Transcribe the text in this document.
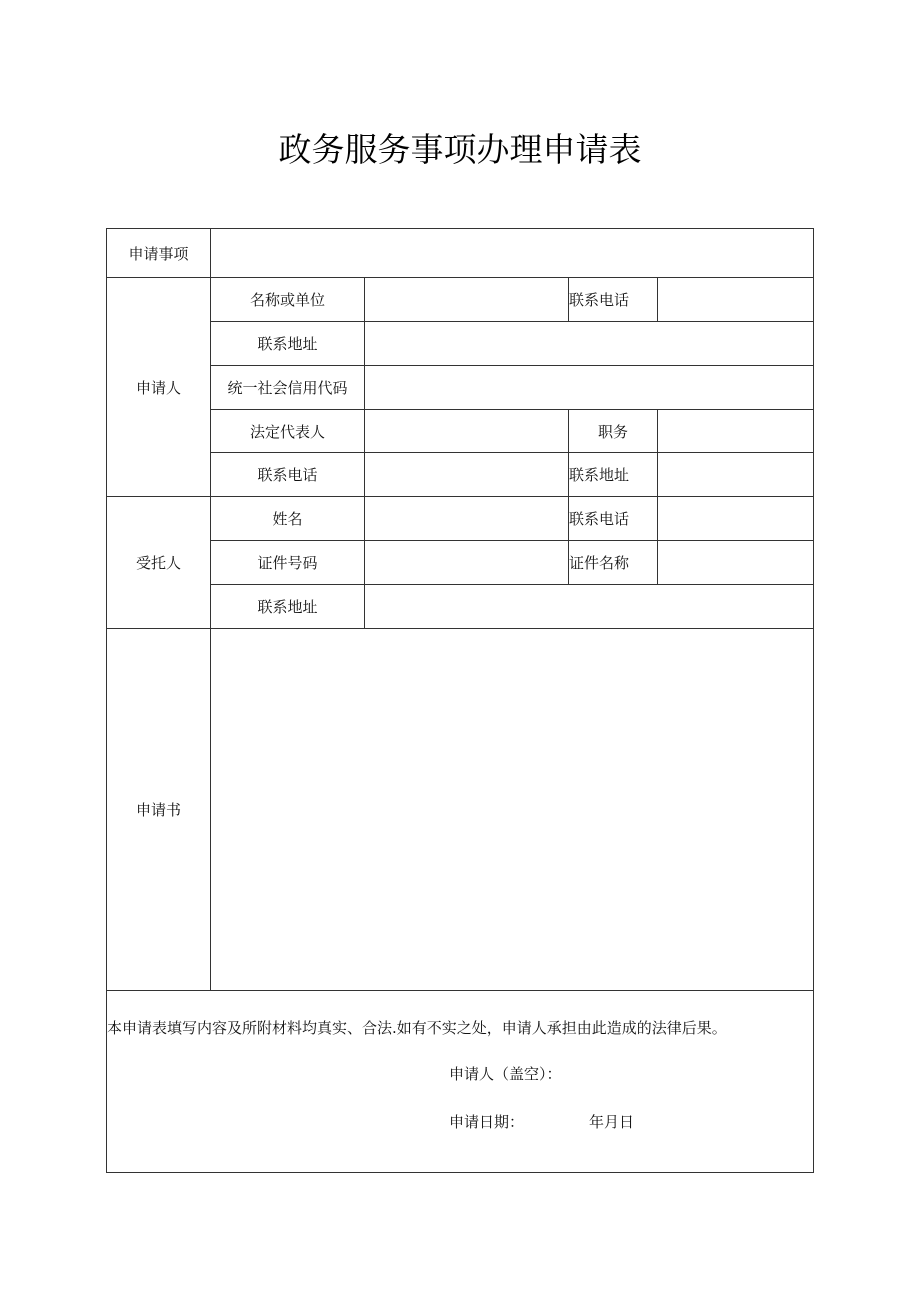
政务服务事项办理申请表
申请事项				
申请人	名称或单位		联系电话	
	联系地址			
	统一社会信用代码			
	法定代表人		职务	
	联系电话		联系地址	
受托人	姓名		联系电话	
	证件号码		证件名称	
	联系地址			
申请书				

本申请表填写内容及所附材料均真实、合法.如有不实之处，申请人承担由此造成的法律后果。
申请人（盖空）：
申请日期： 年月日				
